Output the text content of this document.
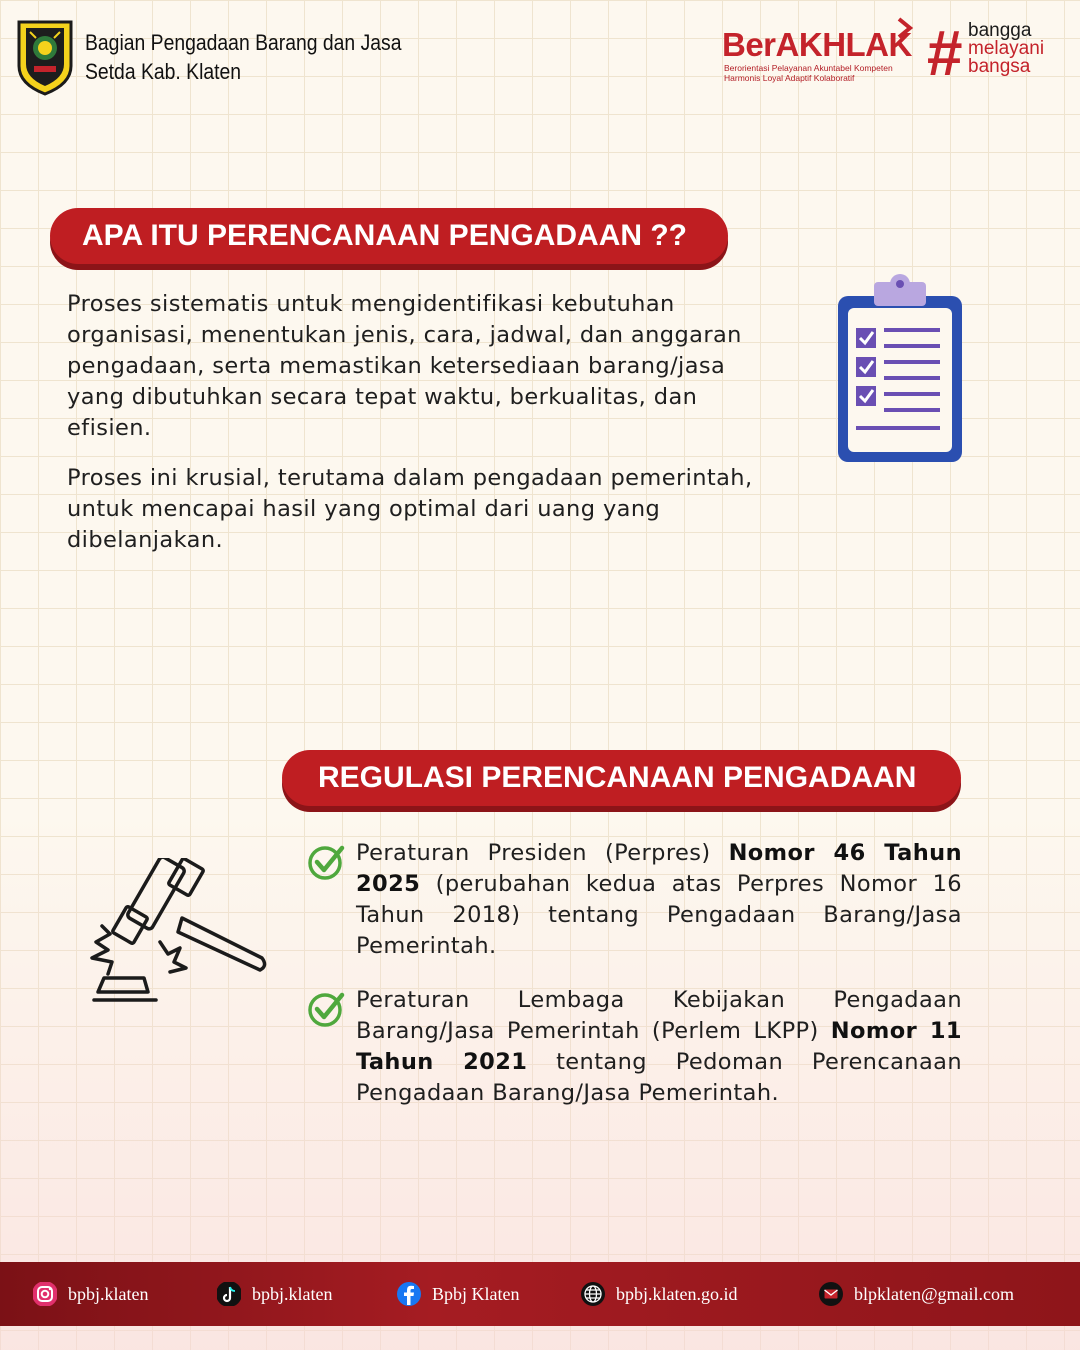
Bagian Pengadaan Barang dan Jasa
Setda Kab. Klaten
BerAKHLAK
Berorientasi Pelayanan Akuntabel Kompeten
Harmonis Loyal Adaptif Kolaboratif	# bangga
melayani
bangsa
APA ITU PERENCANAAN PENGADAAN ??

Proses sistematis untuk mengidentifikasi kebutuhan organisasi, menentukan jenis, cara, jadwal, dan anggaran pengadaan, serta memastikan ketersediaan barang/jasa yang dibutuhkan secara tepat waktu, berkualitas, dan efisien.

Proses ini krusial, terutama dalam pengadaan pemerintah, untuk mencapai hasil yang optimal dari uang yang dibelanjakan.

REGULASI PERENCANAAN PENGADAAN

Peraturan Presiden (Perpres) Nomor 46 Tahun 2025 (perubahan kedua atas Perpres Nomor 16 Tahun 2018) tentang Pengadaan Barang/Jasa Pemerintah.

Peraturan Lembaga Kebijakan Pengadaan Barang/Jasa Pemerintah (Perlem LKPP) Nomor 11 Tahun 2021 tentang Pedoman Perencanaan Pengadaan Barang/Jasa Pemerintah.

bpbj.klaten	bpbj.klaten	Bpbj Klaten	bpbj.klaten.go.id	blpklaten@gmail.com
